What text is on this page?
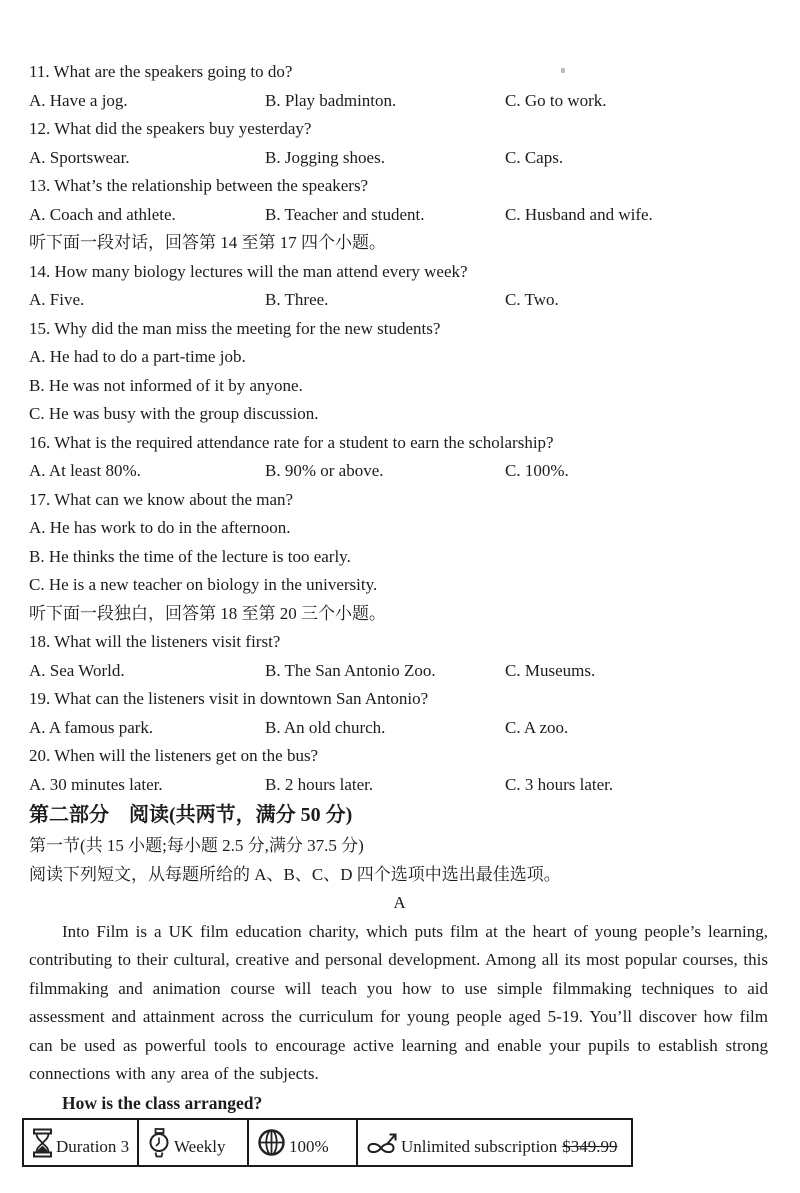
11. What are the speakers going to do?
A. Have a jog.	B. Play badminton.	C. Go to work.
12. What did the speakers buy yesterday?
A. Sportswear.	B. Jogging shoes.	C. Caps.
13. What’s the relationship between the speakers?
A. Coach and athlete.	B. Teacher and student.	C. Husband and wife.
听下面一段对话，回答第 14 至第 17 四个小题。
14. How many biology lectures will the man attend every week?
A. Five.	B. Three.	C. Two.
15. Why did the man miss the meeting for the new students?
A. He had to do a part-time job.
B. He was not informed of it by anyone.
C. He was busy with the group discussion.
16. What is the required attendance rate for a student to earn the scholarship?
A. At least 80%.	B. 90% or above.	C. 100%.
17. What can we know about the man?
A. He has work to do in the afternoon.
B. He thinks the time of the lecture is too early.
C. He is a new teacher on biology in the university.
听下面一段独白，回答第 18 至第 20 三个小题。
18. What will the listeners visit first?
A. Sea World.	B. The San Antonio Zoo.	C. Museums.
19. What can the listeners visit in downtown San Antonio?
A. A famous park.	B. An old church.	C. A zoo.
20. When will the listeners get on the bus?
A. 30 minutes later.	B. 2 hours later.	C. 3 hours later.
第二部分　阅读(共两节，满分 50 分)
第一节(共 15 小题;每小题 2.5 分,满分 37.5 分)
阅读下列短文，从每题所给的 A、B、C、D 四个选项中选出最佳选项。
A
Into Film is a UK film education charity, which puts film at the heart of young people’s learning, contributing to their cultural, creative and personal development. Among all its most popular courses, this filmmaking and animation course will teach you how to use simple filmmaking techniques to aid assessment and attainment across the curriculum for young people aged 5-19. You’ll discover how film can be used as powerful tools to encourage active learning and enable your pupils to establish strong connections with any area of the subjects.
How is the class arranged?
Duration 3	Weekly	100%	Unlimited subscription $349.99
